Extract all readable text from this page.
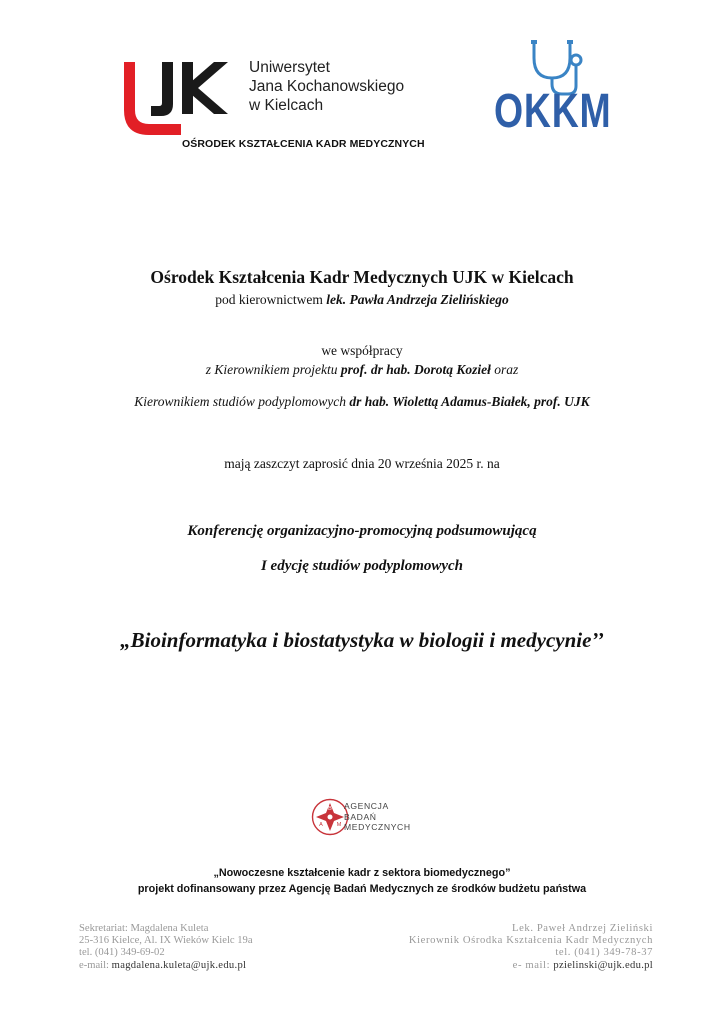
Uniwersytet
Jana Kochanowskiego
w Kielcach
OŚRODEK KSZTAŁCENIA KADR MEDYCZNYCH
OKKM
Ośrodek Kształcenia Kadr Medycznych UJK w Kielcach
pod kierownictwem lek. Pawła Andrzeja Zielińskiego
we współpracy
z Kierownikiem projektu prof. dr hab. Dorotą Kozieł oraz
Kierownikiem studiów podyplomowych dr hab. Wiolettą Adamus-Białek, prof. UJK
mają zaszczyt zaprosić dnia 20 września 2025 r. na
Konferencję organizacyjno-promocyjną podsumowującą
I edycję studiów podyplomowych
„Bioinformatyka i biostatystyka w biologii i medycynie’’
B
A	M
AGENCJA
BADAŃ
MEDYCZNYCH
„Nowoczesne kształcenie kadr z sektora biomedycznego”
projekt dofinansowany przez Agencję Badań Medycznych ze środków budżetu państwa
Sekretariat: Magdalena Kuleta
25-316 Kielce, Al. IX Wieków Kielc 19a
tel. (041) 349-69-02
e-mail: magdalena.kuleta@ujk.edu.pl
Lek. Paweł Andrzej Zieliński
Kierownik Ośrodka Kształcenia Kadr Medycznych
tel. (041) 349-78-37
e- mail: pzielinski@ujk.edu.pl
